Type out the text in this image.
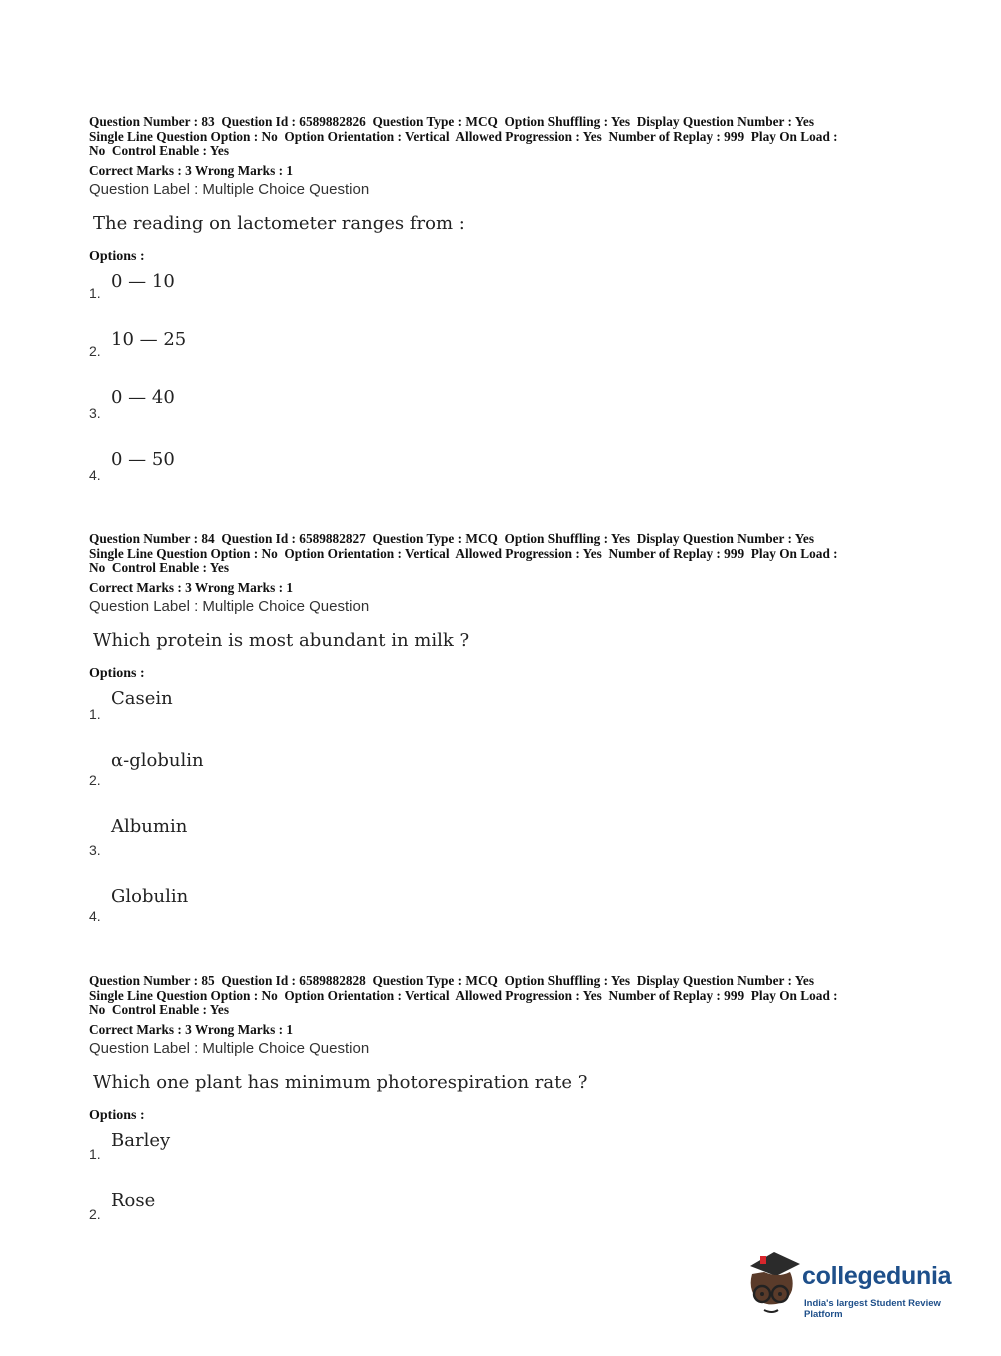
Question Number : 83  Question Id : 6589882826  Question Type : MCQ  Option Shuffling : Yes  Display Question Number : Yes
Single Line Question Option : No  Option Orientation : Vertical  Allowed Progression : Yes  Number of Replay : 999  Play On Load :
No  Control Enable : Yes
Correct Marks : 3 Wrong Marks : 1
Question Label : Multiple Choice Question
The reading on lactometer ranges from :
Options :
1.
0 — 10
2.
10 — 25
3.
0 — 40
4.
0 — 50
Question Number : 84  Question Id : 6589882827  Question Type : MCQ  Option Shuffling : Yes  Display Question Number : Yes
Single Line Question Option : No  Option Orientation : Vertical  Allowed Progression : Yes  Number of Replay : 999  Play On Load :
No  Control Enable : Yes
Correct Marks : 3 Wrong Marks : 1
Question Label : Multiple Choice Question
Which protein is most abundant in milk ?
Options :
1.
Casein
2.
α-globulin
3.
Albumin
4.
Globulin
Question Number : 85  Question Id : 6589882828  Question Type : MCQ  Option Shuffling : Yes  Display Question Number : Yes
Single Line Question Option : No  Option Orientation : Vertical  Allowed Progression : Yes  Number of Replay : 999  Play On Load :
No  Control Enable : Yes
Correct Marks : 3 Wrong Marks : 1
Question Label : Multiple Choice Question
Which one plant has minimum photorespiration rate ?
Options :
1.
Barley
2.
Rose
collegedunia
India's largest Student Review Platform
